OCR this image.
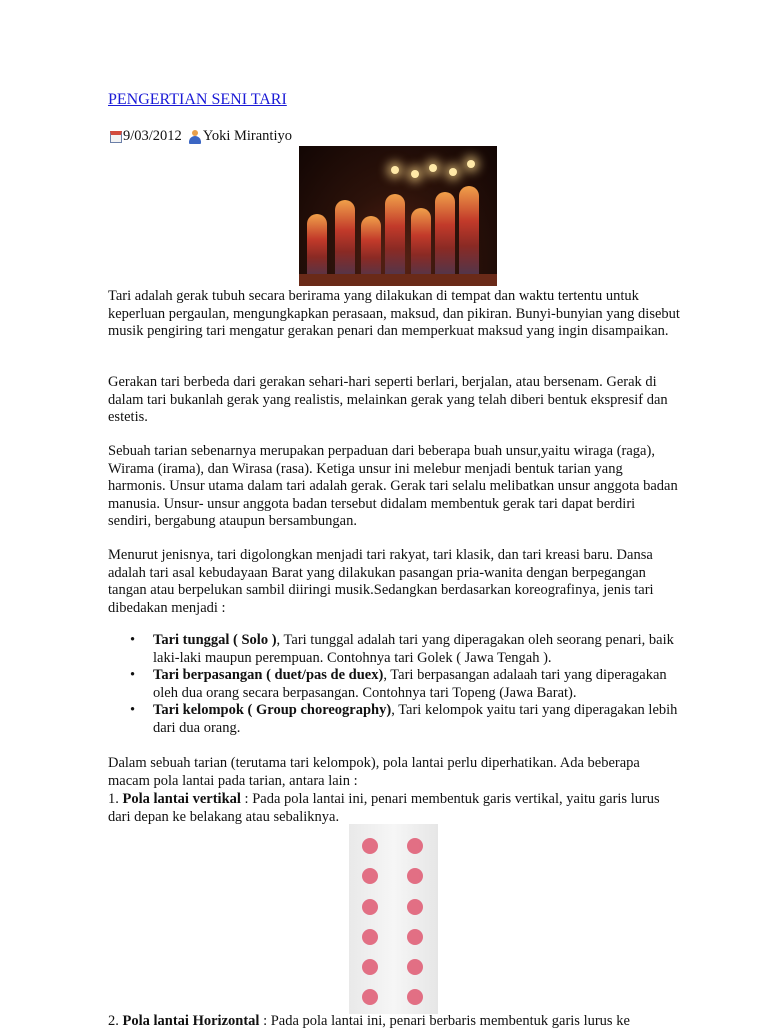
PENGERTIAN SENI TARI
9/03/2012 Yoki Mirantiyo

Tari adalah gerak tubuh secara berirama yang dilakukan di tempat dan waktu tertentu untuk keperluan pergaulan, mengungkapkan perasaan, maksud, dan pikiran. Bunyi-bunyian yang disebut musik pengiring tari mengatur gerakan penari dan memperkuat maksud yang ingin disampaikan.

Gerakan tari berbeda dari gerakan sehari-hari seperti berlari, berjalan, atau bersenam. Gerak di dalam tari bukanlah gerak yang realistis, melainkan gerak yang telah diberi bentuk ekspresif dan estetis.

Sebuah tarian sebenarnya merupakan perpaduan dari beberapa buah unsur,yaitu wiraga (raga), Wirama (irama), dan Wirasa (rasa). Ketiga unsur ini melebur menjadi bentuk tarian yang harmonis. Unsur utama dalam tari adalah gerak. Gerak tari selalu melibatkan unsur anggota badan manusia. Unsur- unsur anggota badan tersebut didalam membentuk gerak tari dapat berdiri sendiri, bergabung ataupun bersambungan.

Menurut jenisnya, tari digolongkan menjadi tari rakyat, tari klasik, dan tari kreasi baru. Dansa adalah tari asal kebudayaan Barat yang dilakukan pasangan pria-wanita dengan berpegangan tangan atau berpelukan sambil diiringi musik.Sedangkan berdasarkan koreografinya, jenis tari dibedakan menjadi :

• Tari tunggal ( Solo ), Tari tunggal adalah tari yang diperagakan oleh seorang penari, baik laki-laki maupun perempuan. Contohnya tari Golek ( Jawa Tengah ).
• Tari berpasangan ( duet/pas de duex), Tari berpasangan adalaah tari yang diperagakan oleh dua orang secara berpasangan. Contohnya tari Topeng (Jawa Barat).
• Tari kelompok ( Group choreography), Tari kelompok yaitu tari yang diperagakan lebih dari dua orang.

Dalam sebuah tarian (terutama tari kelompok), pola lantai perlu diperhatikan. Ada beberapa macam pola lantai pada tarian, antara lain :

1. Pola lantai vertikal : Pada pola lantai ini, penari membentuk garis vertikal, yaitu garis lurus dari depan ke belakang atau sebaliknya.

2. Pola lantai Horizontal : Pada pola lantai ini, penari berbaris membentuk garis lurus ke
